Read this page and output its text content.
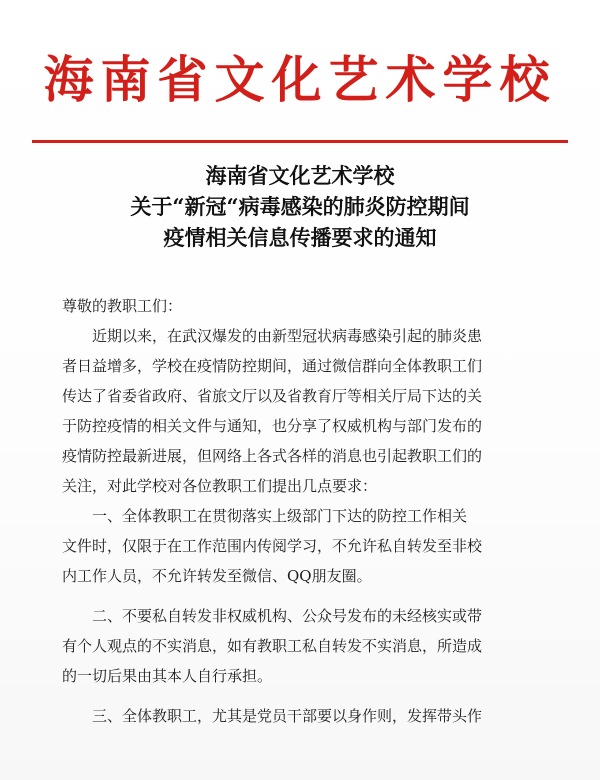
海南省文化艺术学校
海南省文化艺术学校
关于“新冠“病毒感染的肺炎防控期间
疫情相关信息传播要求的通知

尊敬的教职工们：

近期以来，在武汉爆发的由新型冠状病毒感染引起的肺炎患
者日益增多，学校在疫情防控期间，通过微信群向全体教职工们
传达了省委省政府、省旅文厅以及省教育厅等相关厅局下达的关
于防控疫情的相关文件与通知，也分享了权威机构与部门发布的
疫情防控最新进展，但网络上各式各样的消息也引起教职工们的
关注，对此学校对各位教职工们提出几点要求：
一、全体教职工在贯彻落实上级部门下达的防控工作相关
文件时，仅限于在工作范围内传阅学习，不允许私自转发至非校
内工作人员，不允许转发至微信、QQ朋友圈。
二、不要私自转发非权威机构、公众号发布的未经核实或带
有个人观点的不实消息，如有教职工私自转发不实消息，所造成
的一切后果由其本人自行承担。
三、全体教职工，尤其是党员干部要以身作则，发挥带头作
